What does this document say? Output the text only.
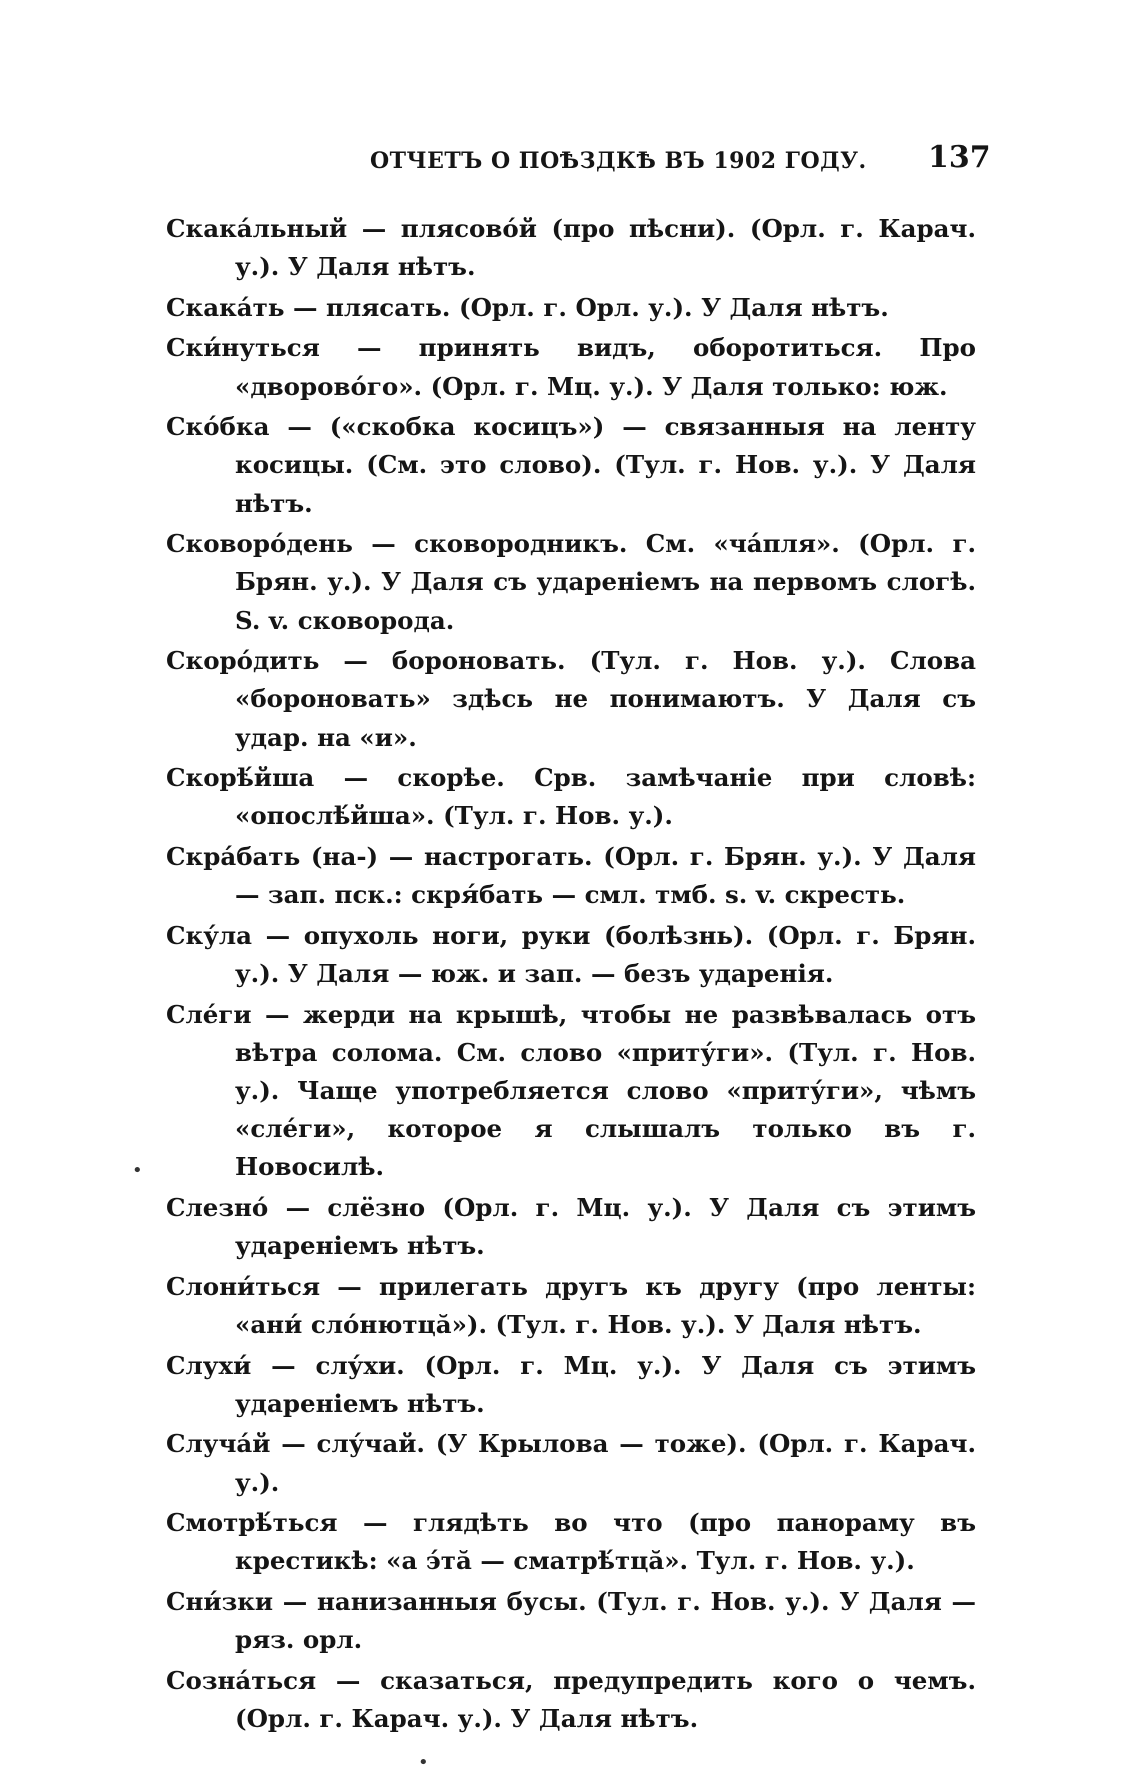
ОТЧЕТЪ О ПОѢЗДКѢ ВЪ 1902 ГОДУ. 137
Скака́льный — плясово́й (про пѣсни). (Орл. г. Карач. у.). У Даля нѣтъ.
Скака́ть — плясать. (Орл. г. Орл. у.). У Даля нѣтъ.
Ски́нуться — принять видъ, оборотиться. Про «дворово́го». (Орл. г. Мц. у.). У Даля только: юж.
Ско́бка — («скобка косицъ») — связанныя на ленту косицы. (См. это слово). (Тул. г. Нов. у.). У Даля нѣтъ.
Сковоро́день — сковородникъ. См. «ча́пля». (Орл. г. Брян. у.). У Даля съ удареніемъ на первомъ слогѣ. S. v. сковорода.
Скоро́дить — бороновать. (Тул. г. Нов. у.). Слова «бороновать» здѣсь не понимаютъ. У Даля съ удар. на «и».
Скорѣ́йша — скорѣе. Срв. замѣчаніе при словѣ: «опослѣ́йша». (Тул. г. Нов. у.).
Скра́бать (на-) — настрогать. (Орл. г. Брян. у.). У Даля — зап. пск.: скря́бать — смл. тмб. s. v. скресть.
Ску́ла — опухоль ноги, руки (болѣзнь). (Орл. г. Брян. у.). У Даля — юж. и зап. — безъ ударенія.
Сле́ги — жерди на крышѣ, чтобы не развѣвалась отъ вѣтра солома. См. слово «приту́ги». (Тул. г. Нов. у.). Чаще употребляется слово «приту́ги», чѣмъ «сле́ги», которое я слышалъ только въ г. Новосилѣ.
Слезно́ — слёзно (Орл. г. Мц. у.). У Даля съ этимъ удареніемъ нѣтъ.
Слони́ться — прилегать другъ къ другу (про ленты: «ани́ сло́нютцă»). (Тул. г. Нов. у.). У Даля нѣтъ.
Слухи́ — слу́хи. (Орл. г. Мц. у.). У Даля съ этимъ удареніемъ нѣтъ.
Случа́й — слу́чай. (У Крылова — тоже). (Орл. г. Карач. у.).
Смотрѣ́ться — глядѣть во что (про панораму въ крестикѣ: «а э́тă — сматрѣ́тцă». Тул. г. Нов. у.).
Сни́зки — нанизанныя бусы. (Тул. г. Нов. у.). У Даля — ряз. орл.
Созна́ться — сказаться, предупредить кого о чемъ. (Орл. г. Карач. у.). У Даля нѣтъ.
•
•
